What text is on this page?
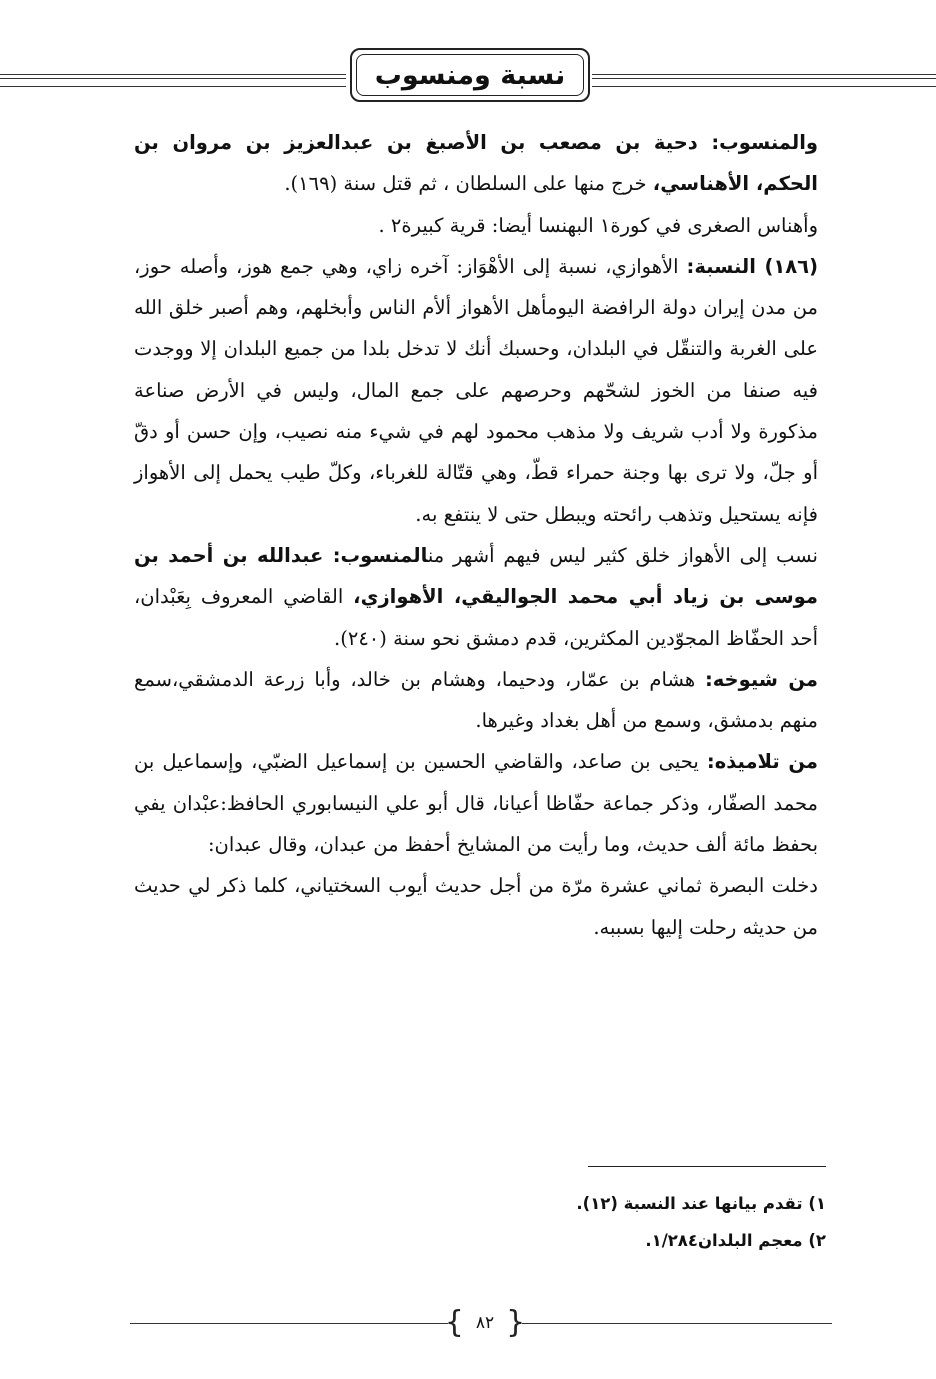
نسبة ومنسوب

والمنسوب: دحية بن مصعب بن الأصبغ بن عبدالعزيز بن مروان بن الحكم، الأهناسي، خرج منها على السلطان ، ثم قتل سنة (١٦٩).

وأهناس الصغرى في كورة١ البهنسا أيضا: قرية كبيرة٢ .

(١٨٦) النسبة: الأهوازي، نسبة إلى الأهْوَاز: آخره زاي، وهي جمع هوز، وأصله حوز، من مدن إيران دولة الرافضة اليومأهل الأهواز ألأم الناس وأبخلهم، وهم أصبر خلق الله على الغربة والتنقّل في البلدان، وحسبك أنك لا تدخل بلدا من جميع البلدان إلا ووجدت فيه صنفا من الخوز لشحّهم وحرصهم على جمع المال، وليس في الأرض صناعة مذكورة ولا أدب شريف ولا مذهب محمود لهم في شيء منه نصيب، وإن حسن أو دقّ أو جلّ، ولا ترى بها وجنة حمراء قطّ، وهي قتّالة للغرباء، وكلّ طيب يحمل إلى الأهواز فإنه يستحيل وتذهب رائحته ويبطل حتى لا ينتفع به.

نسب إلى الأهواز خلق كثير ليس فيهم أشهر منالمنسوب: عبدالله بن أحمد بن موسى بن زياد أبي محمد الجواليقي، الأهوازي، القاضي المعروف بِعَبْدان، أحد الحفّاظ المجوّدين المكثرين، قدم دمشق نحو سنة (٢٤٠).

من شيوخه: هشام بن عمّار، ودحيما، وهشام بن خالد، وأبا زرعة الدمشقي،سمع منهم بدمشق، وسمع من أهل بغداد وغيرها.

من تلاميذه: يحيى بن صاعد، والقاضي الحسين بن إسماعيل الضبّي، وإسماعيل بن محمد الصفّار، وذكر جماعة حفّاظا أعيانا، قال أبو علي النيسابوري الحافظ:عبْدان يفي بحفظ مائة ألف حديث، وما رأيت من المشايخ أحفظ من عبدان، وقال عبدان:

دخلت البصرة ثماني عشرة مرّة من أجل حديث أيوب السختياني، كلما ذكر لي حديث من حديثه رحلت إليها بسببه.

١) تقدم بيانها عند النسبة (١٢).

٢) معجم البلدان١/٢٨٤.

{ ٨٢ }
